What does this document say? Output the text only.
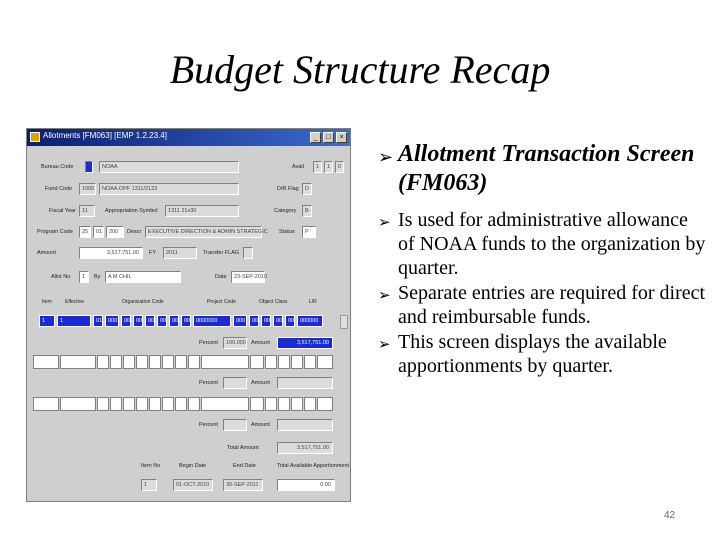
Budget Structure Recap
Allotments [FM063] [EMP 1.2.23.4]	_	□	×
Bureau Code	NOAA	Avail	1	1	0
Fund Code	1005	NOAA OPF 1311/2123	D/R Flag	D
Fiscal Year	11	Appropriation Symbol	1311 21x30	Category	B
Program Code	25	01	200	Descr	EXECUTIVE DIRECTION & ADMIN STRATEGIC Status	P
Amount	3,517,751.00	FY	2011	Transfer FLAG
Allot No	1	By	A M CHIL	Date	23-SEP-2010
Item	Effective	Organization Code	Project Code	Object Class	L/R
1	1	01	0001 00	00	00	00	00	00	0000000	000	00	00	00	00	000000
Percent	100.000 Amount	3,517,751.00
Percent	Amount
Percent	Amount
Total Amount	3,517,751.00
Item No	Begin Date	End Date	Total Available Apportionment
1	01-OCT-2010	30-SEP-2011	0.00
➢ Allotment Transaction Screen (FM063)
➢ Is used for administrative allowance of NOAA funds to the organization by quarter.
➢ Separate entries are required for direct and reimbursable funds.
➢ This screen displays the available apportionments by quarter.
42
